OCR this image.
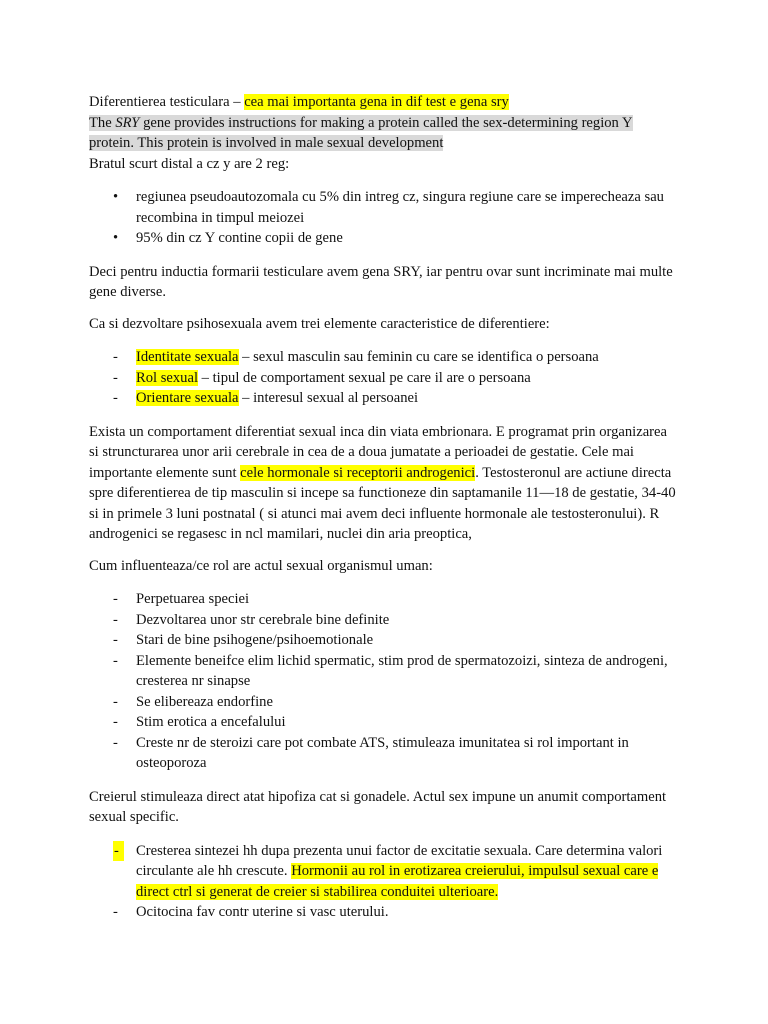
Diferentierea testiculara – cea mai importanta gena in dif test e gena sry

The SRY gene provides instructions for making a protein called the sex-determining region Y
protein. This protein is involved in male sexual development

Bratul scurt distal a cz y are 2 reg:

• regiunea pseudoautozomala cu 5% din intreg cz, singura regiune care se imperecheaza sau recombina in timpul meiozei
• 95% din cz Y contine copii de gene

Deci pentru inductia formarii testiculare avem gena SRY, iar pentru ovar sunt incriminate mai multe gene diverse.

Ca si dezvoltare psihosexuala avem trei elemente caracteristice de diferentiere:

- Identitate sexuala – sexul masculin sau feminin cu care se identifica o persoana
- Rol sexual – tipul de comportament sexual pe care il are o persoana
- Orientare sexuala – interesul sexual al persoanei

Exista un comportament diferentiat sexual inca din viata embrionara. E programat prin organizarea si struncturarea unor arii cerebrale in cea de a doua jumatate a perioadei de gestatie. Cele mai importante elemente sunt cele hormonale si receptorii androgenici. Testosteronul are actiune directa spre diferentierea de tip masculin si incepe sa functioneze din saptamanile 11—18 de gestatie, 34-40 si in primele 3 luni postnatal ( si atunci mai avem deci influente hormonale ale testosteronului). R androgenici se regasesc in ncl mamilari, nuclei din aria preoptica,

Cum influenteaza/ce rol are actul sexual organismul uman:

- Perpetuarea speciei
- Dezvoltarea unor str cerebrale bine definite
- Stari de bine psihogene/psihoemotionale
- Elemente beneifce elim lichid spermatic, stim prod de spermatozoizi, sinteza de androgeni, cresterea nr sinapse
- Se elibereaza endorfine
- Stim erotica a encefalului
- Creste nr de steroizi care pot combate ATS, stimuleaza imunitatea si rol important in osteoporoza

Creierul stimuleaza direct atat hipofiza cat si gonadele. Actul sex impune un anumit comportament sexual specific.

- Cresterea sintezei hh dupa prezenta unui factor de excitatie sexuala. Care determina valori circulante ale hh crescute. Hormonii au rol in erotizarea creierului, impulsul sexual care e direct ctrl si generat de creier si stabilirea conduitei ulterioare.
- Ocitocina fav contr uterine si vasc uterului.
